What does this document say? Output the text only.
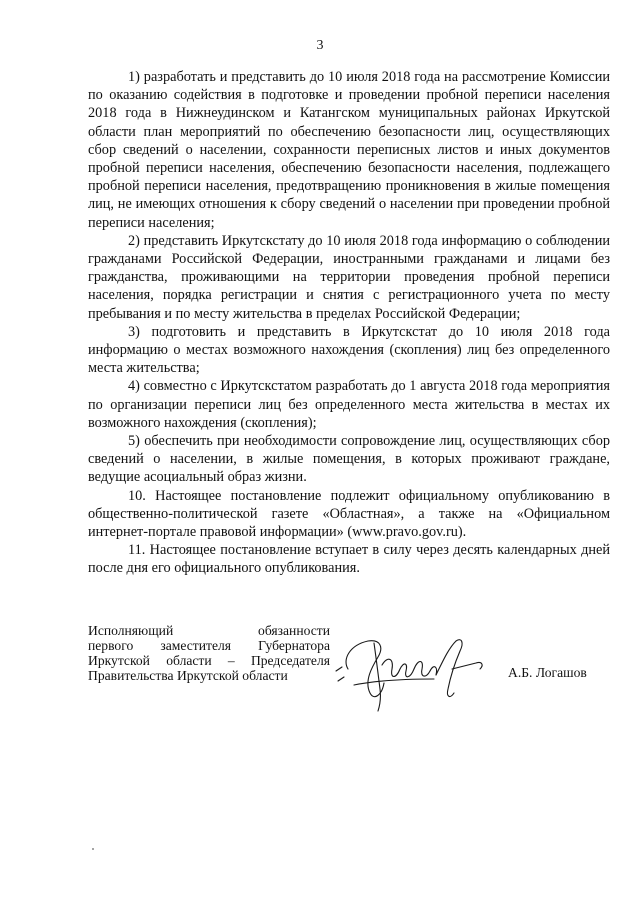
3

1) разработать и представить до 10 июля 2018 года на рассмотрение Комиссии по оказанию содействия в подготовке и проведении пробной переписи населения 2018 года в Нижнеудинском и Катангском муниципальных районах Иркутской области план мероприятий по обеспечению безопасности лиц, осуществляющих сбор сведений о населении, сохранности переписных листов и иных документов пробной переписи населения, обеспечению безопасности населения, подлежащего пробной переписи населения, предотвращению проникновения в жилые помещения лиц, не имеющих отношения к сбору сведений о населении при проведении пробной переписи населения;

2) представить Иркутскстату до 10 июля 2018 года информацию о соблюдении гражданами Российской Федерации, иностранными гражданами и лицами без гражданства, проживающими на территории проведения пробной переписи населения, порядка регистрации и снятия с регистрационного учета по месту пребывания и по месту жительства в пределах Российской Федерации;

3) подготовить и представить в Иркутскстат до 10 июля 2018 года информацию о местах возможного нахождения (скопления) лиц без определенного места жительства;

4) совместно с Иркутскстатом разработать до 1 августа 2018 года мероприятия по организации переписи лиц без определенного места жительства в местах их возможного нахождения (скопления);

5) обеспечить при необходимости сопровождение лиц, осуществляющих сбор сведений о населении, в жилые помещения, в которых проживают граждане, ведущие асоциальный образ жизни.

10. Настоящее постановление подлежит официальному опубликованию в общественно-политической газете «Областная», а также на «Официальном интернет-портале правовой информации» (www.pravo.gov.ru).

11. Настоящее постановление вступает в силу через десять календарных дней после дня его официального опубликования.

Исполняющий обязанности
первого заместителя Губернатора
Иркутской области – Председателя
Правительства Иркутской области	А.Б. Логашов
